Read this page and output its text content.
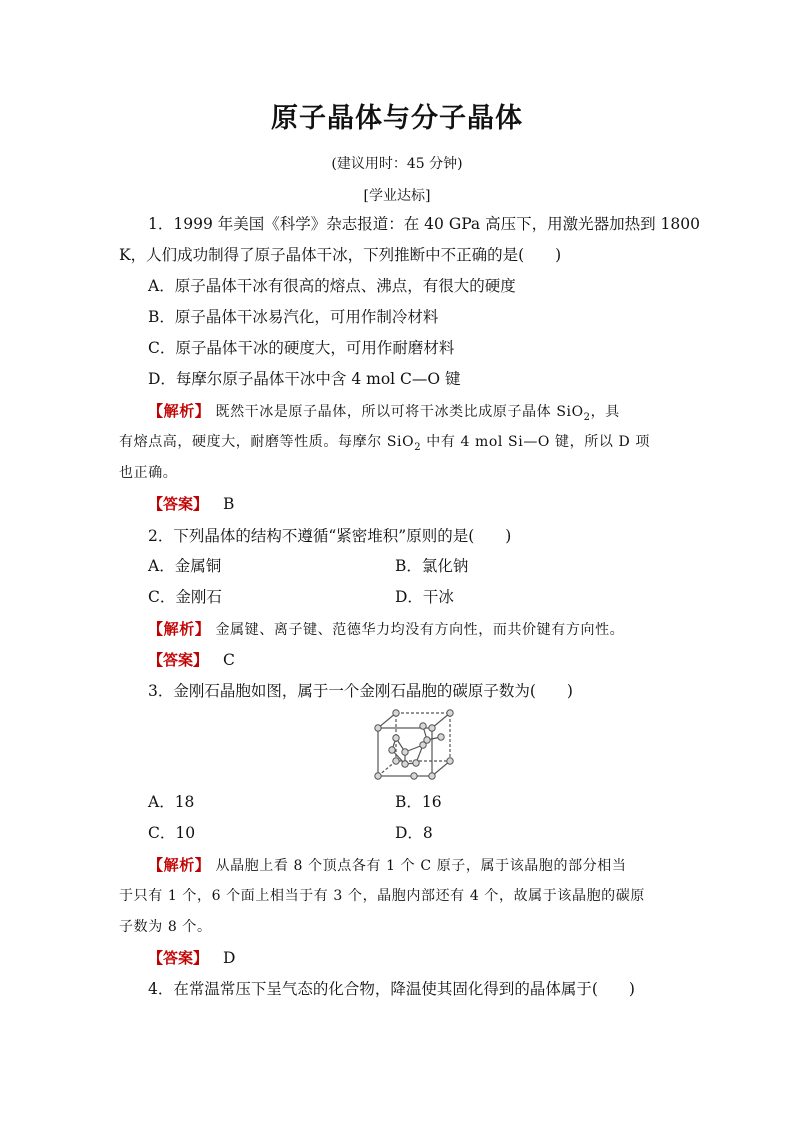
原子晶体与分子晶体
(建议用时：45 分钟)
[学业达标]
1．1999 年美国《科学》杂志报道：在 40 GPa 高压下，用激光器加热到 1800
K，人们成功制得了原子晶体干冰，下列推断中不正确的是(　　)
A．原子晶体干冰有很高的熔点、沸点，有很大的硬度
B．原子晶体干冰易汽化，可用作制冷材料
C．原子晶体干冰的硬度大，可用作耐磨材料
D．每摩尔原子晶体干冰中含 4 mol C—O 键
【解析】 既然干冰是原子晶体，所以可将干冰类比成原子晶体 SiO$_2$，具
有熔点高，硬度大，耐磨等性质。每摩尔 SiO$_2$ 中有 4 mol Si—O 键，所以 D 项
也正确。
【答案】 B
2．下列晶体的结构不遵循“紧密堆积”原则的是(　　)
A．金属铜	B．氯化钠
C．金刚石	D．干冰
【解析】 金属键、离子键、范德华力均没有方向性，而共价键有方向性。
【答案】 C
3．金刚石晶胞如图，属于一个金刚石晶胞的碳原子数为(　　)
A．18	B．16
C．10	D．8
【解析】 从晶胞上看 8 个顶点各有 1 个 C 原子，属于该晶胞的部分相当
于只有 1 个，6 个面上相当于有 3 个，晶胞内部还有 4 个，故属于该晶胞的碳原
子数为 8 个。
【答案】 D
4．在常温常压下呈气态的化合物，降温使其固化得到的晶体属于(　　)
